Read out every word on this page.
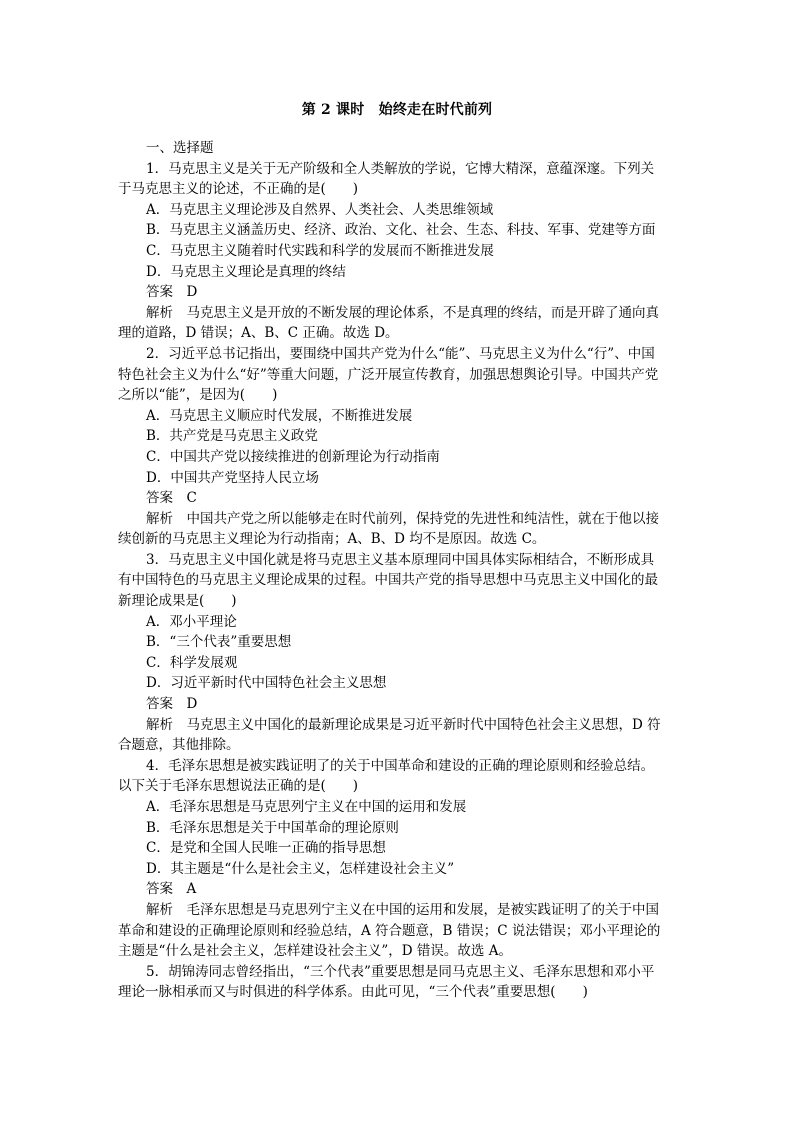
第 2 课时　始终走在时代前列

一、选择题

1．马克思主义是关于无产阶级和全人类解放的学说，它博大精深，意蕴深邃。下列关

于马克思主义的论述，不正确的是(　　)

A．马克思主义理论涉及自然界、人类社会、人类思维领域

B．马克思主义涵盖历史、经济、政治、文化、社会、生态、科技、军事、党建等方面

C．马克思主义随着时代实践和科学的发展而不断推进发展

D．马克思主义理论是真理的终结

答案　D

解析　马克思主义是开放的不断发展的理论体系，不是真理的终结，而是开辟了通向真

理的道路，D 错误；A、B、C 正确。故选 D。

2．习近平总书记指出，要围绕中国共产党为什么“能”、马克思主义为什么“行”、中国

特色社会主义为什么“好”等重大问题，广泛开展宣传教育，加强思想舆论引导。中国共产党

之所以“能”，是因为(　　)

A．马克思主义顺应时代发展，不断推进发展

B．共产党是马克思主义政党

C．中国共产党以接续推进的创新理论为行动指南

D．中国共产党坚持人民立场

答案　C

解析　中国共产党之所以能够走在时代前列，保持党的先进性和纯洁性，就在于他以接

续创新的马克思主义理论为行动指南；A、B、D 均不是原因。故选 C。

3．马克思主义中国化就是将马克思主义基本原理同中国具体实际相结合，不断形成具

有中国特色的马克思主义理论成果的过程。中国共产党的指导思想中马克思主义中国化的最

新理论成果是(　　)

A．邓小平理论

B．“三个代表”重要思想

C．科学发展观

D．习近平新时代中国特色社会主义思想

答案　D

解析　马克思主义中国化的最新理论成果是习近平新时代中国特色社会主义思想，D 符

合题意，其他排除。

4．毛泽东思想是被实践证明了的关于中国革命和建设的正确的理论原则和经验总结。

以下关于毛泽东思想说法正确的是(　　)

A．毛泽东思想是马克思列宁主义在中国的运用和发展

B．毛泽东思想是关于中国革命的理论原则

C．是党和全国人民唯一正确的指导思想

D．其主题是“什么是社会主义，怎样建设社会主义”

答案　A

解析　毛泽东思想是马克思列宁主义在中国的运用和发展，是被实践证明了的关于中国

革命和建设的正确理论原则和经验总结，A 符合题意，B 错误；C 说法错误；邓小平理论的

主题是“什么是社会主义，怎样建设社会主义”，D 错误。故选 A。

5．胡锦涛同志曾经指出，“三个代表”重要思想是同马克思主义、毛泽东思想和邓小平

理论一脉相承而又与时俱进的科学体系。由此可见，“三个代表”重要思想(　　)
